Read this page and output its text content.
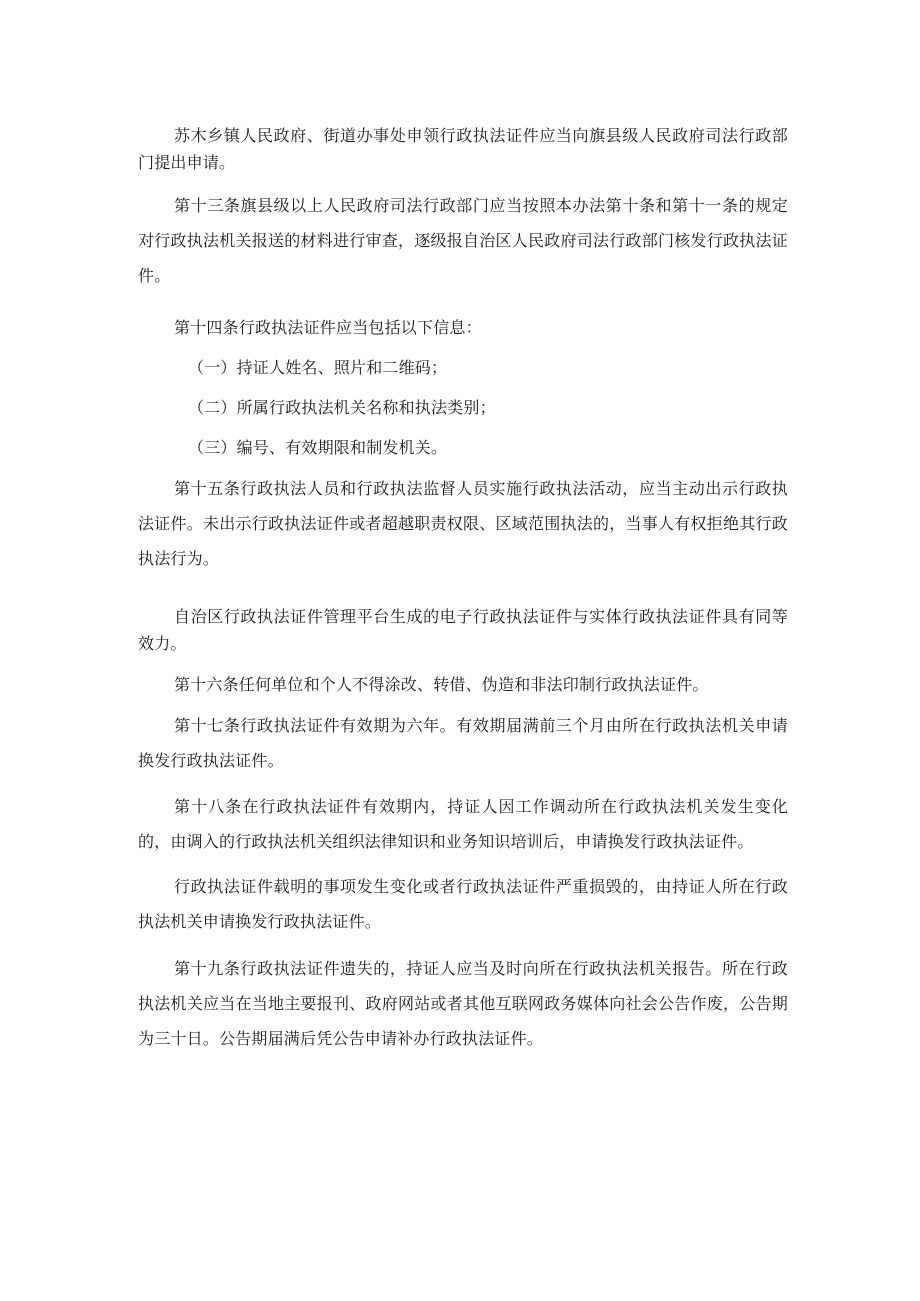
苏木乡镇人民政府、街道办事处申领行政执法证件应当向旗县级人民政府司法行政部门提出申请。

第十三条旗县级以上人民政府司法行政部门应当按照本办法第十条和第十一条的规定对行政执法机关报送的材料进行审查，逐级报自治区人民政府司法行政部门核发行政执法证件。

第十四条行政执法证件应当包括以下信息：

（一）持证人姓名、照片和二维码；

（二）所属行政执法机关名称和执法类别；

（三）编号、有效期限和制发机关。

第十五条行政执法人员和行政执法监督人员实施行政执法活动，应当主动出示行政执法证件。未出示行政执法证件或者超越职责权限、区域范围执法的，当事人有权拒绝其行政执法行为。

自治区行政执法证件管理平台生成的电子行政执法证件与实体行政执法证件具有同等效力。

第十六条任何单位和个人不得涂改、转借、伪造和非法印制行政执法证件。

第十七条行政执法证件有效期为六年。有效期届满前三个月由所在行政执法机关申请换发行政执法证件。

第十八条在行政执法证件有效期内，持证人因工作调动所在行政执法机关发生变化的，由调入的行政执法机关组织法律知识和业务知识培训后，申请换发行政执法证件。

行政执法证件载明的事项发生变化或者行政执法证件严重损毁的，由持证人所在行政执法机关申请换发行政执法证件。

第十九条行政执法证件遗失的，持证人应当及时向所在行政执法机关报告。所在行政执法机关应当在当地主要报刊、政府网站或者其他互联网政务媒体向社会公告作废，公告期为三十日。公告期届满后凭公告申请补办行政执法证件。
